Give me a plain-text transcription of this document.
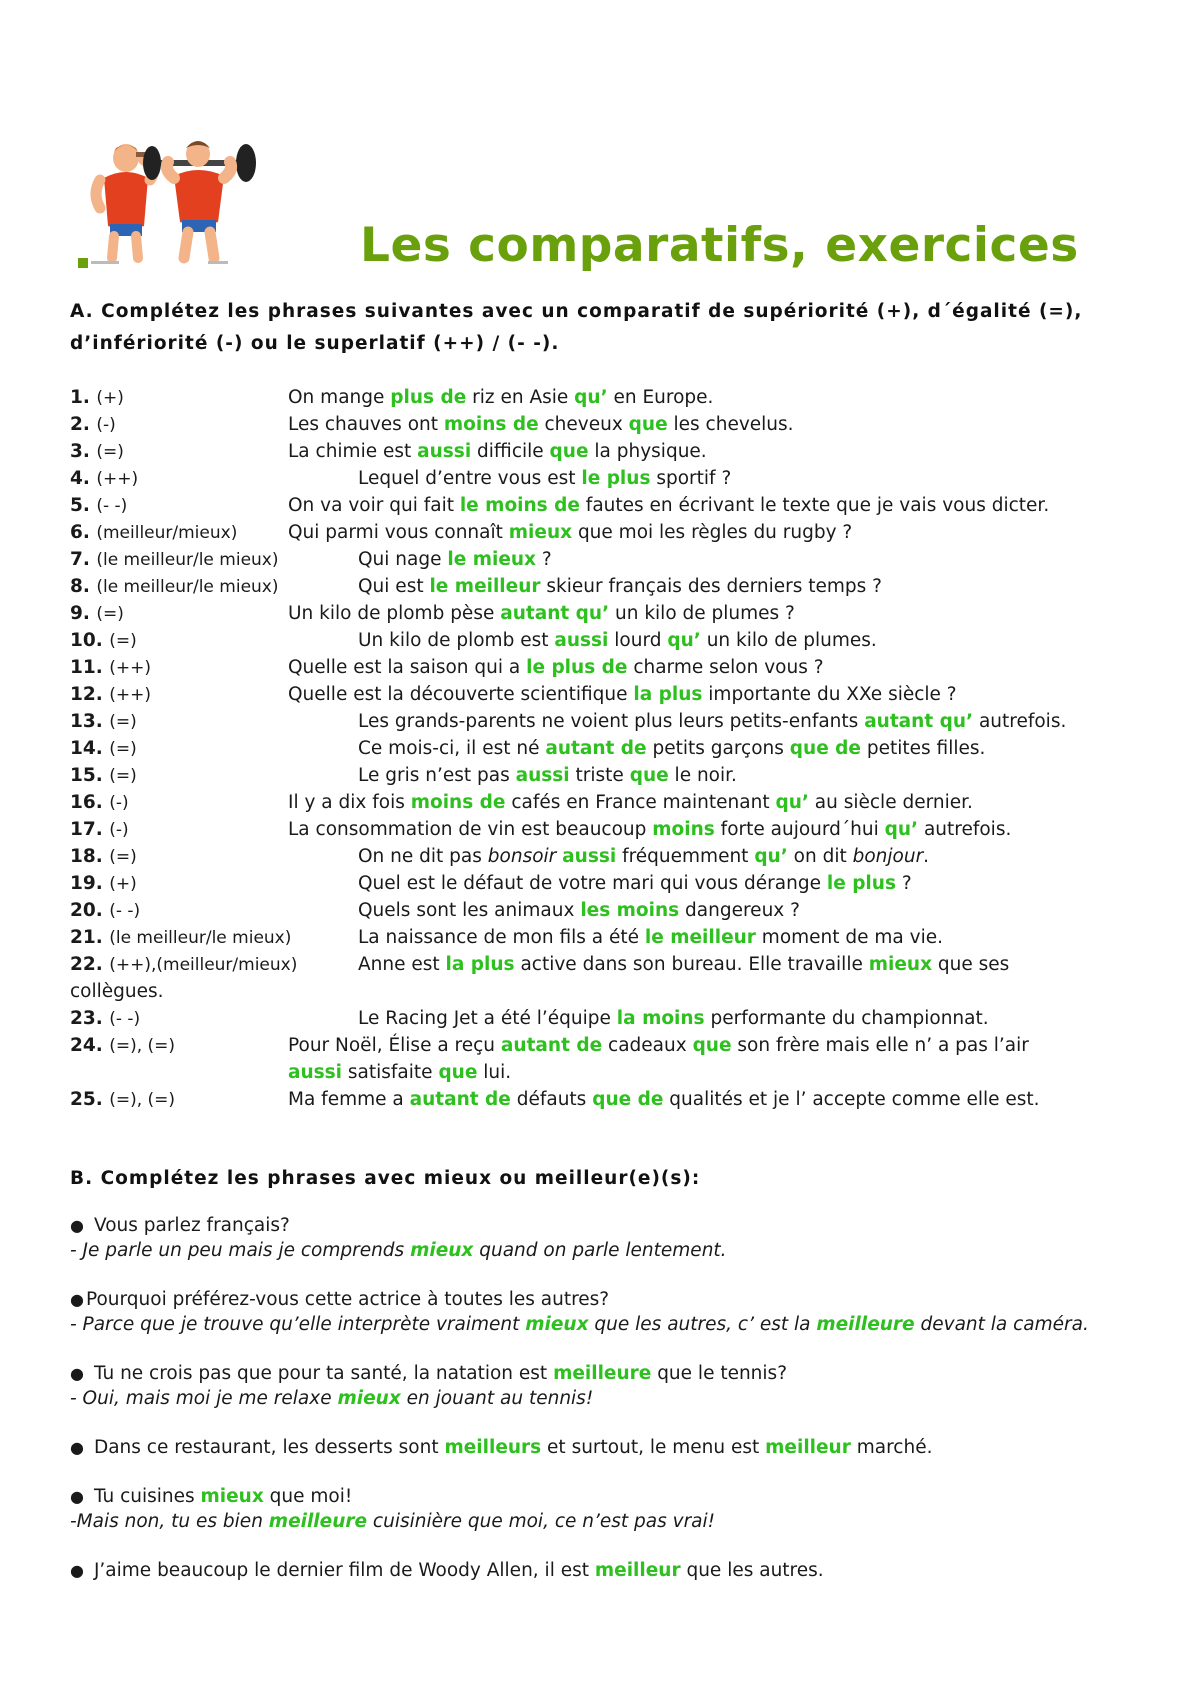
Les comparatifs, exercices

A. Complétez les phrases suivantes avec un comparatif de supériorité (+), d´égalité (=), d’infériorité (-) ou le superlatif (++) / (- -).

1. (+)	On mange plus de riz en Asie qu’ en Europe.
2. (-)	Les chauves ont moins de cheveux que les chevelus.
3. (=)	La chimie est aussi difficile que la physique.
4. (++)	Lequel d’entre vous est le plus sportif ?
5. (- -)	On va voir qui fait le moins de fautes en écrivant le texte que je vais vous dicter.
6. (meilleur/mieux)	Qui parmi vous connaît mieux que moi les règles du rugby ?
7. (le meilleur/le mieux)	Qui nage le mieux ?
8. (le meilleur/le mieux)	Qui est le meilleur skieur français des derniers temps ?
9. (=)	Un kilo de plomb pèse autant qu’ un kilo de plumes ?
10. (=)	Un kilo de plomb est aussi lourd qu’ un kilo de plumes.
11. (++)	Quelle est la saison qui a le plus de charme selon vous ?
12. (++)	Quelle est la découverte scientifique la plus importante du XXe siècle ?
13. (=)	Les grands-parents ne voient plus leurs petits-enfants autant qu’ autrefois.
14. (=)	Ce mois-ci, il est né autant de petits garçons que de petites filles.
15. (=)	Le gris n’est pas aussi triste que le noir.
16. (-)	Il y a dix fois moins de cafés en France maintenant qu’ au siècle dernier.
17. (-)	La consommation de vin est beaucoup moins forte aujourd´hui qu’ autrefois.
18. (=)	On ne dit pas bonsoir aussi fréquemment qu’ on dit bonjour.
19. (+)	Quel est le défaut de votre mari qui vous dérange le plus ?
20. (- -)	Quels sont les animaux les moins dangereux ?
21. (le meilleur/le mieux)	La naissance de mon fils a été le meilleur moment de ma vie.
22. (++),(meilleur/mieux)	Anne est la plus active dans son bureau. Elle travaille mieux que ses
collègues.
23. (- -)	Le Racing Jet a été l’équipe la moins performante du championnat.
24. (=), (=)	Pour Noël, Élise a reçu autant de cadeaux que son frère mais elle n’ a pas l’air
aussi satisfaite que lui.
25. (=), (=)	Ma femme a autant de défauts que de qualités et je l’ accepte comme elle est.

B. Complétez les phrases avec mieux ou meilleur(e)(s):

● Vous parlez français?
- Je parle un peu mais je comprends mieux quand on parle lentement.
● Pourquoi préférez-vous cette actrice à toutes les autres?
- Parce que je trouve qu’elle interprète vraiment mieux que les autres, c’ est la meilleure devant la caméra.
● Tu ne crois pas que pour ta santé, la natation est meilleure que le tennis?
- Oui, mais moi je me relaxe mieux en jouant au tennis!
● Dans ce restaurant, les desserts sont meilleurs et surtout, le menu est meilleur marché.
● Tu cuisines mieux que moi!
-Mais non, tu es bien meilleure cuisinière que moi, ce n’est pas vrai!
● J’aime beaucoup le dernier film de Woody Allen, il est meilleur que les autres.
